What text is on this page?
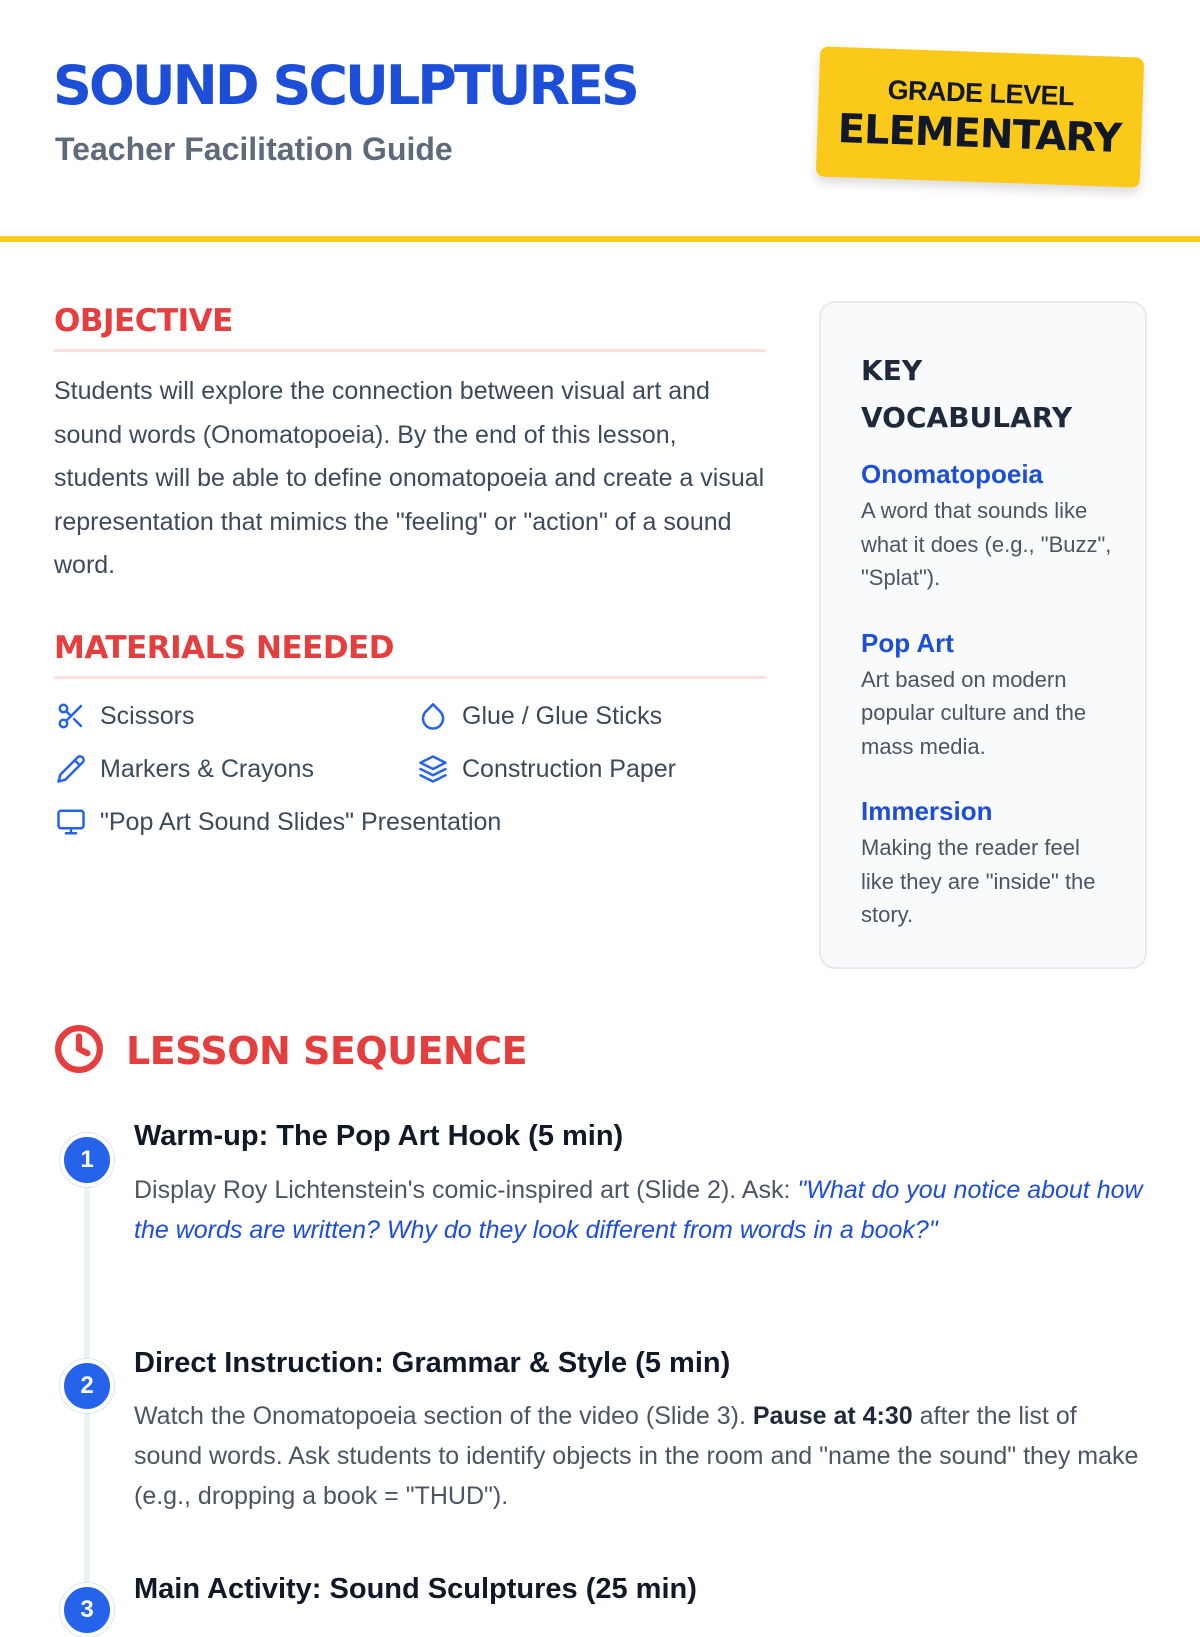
SOUND SCULPTURES
Teacher Facilitation Guide
GRADE LEVEL
ELEMENTARY
OBJECTIVE
Students will explore the connection between visual art and sound words (Onomatopoeia). By the end of this lesson, students will be able to define onomatopoeia and create a visual representation that mimics the "feeling" or "action" of a sound word.
MATERIALS NEEDED
Scissors	Glue / Glue Sticks
Markers & Crayons	Construction Paper
"Pop Art Sound Slides" Presentation
KEY VOCABULARY
Onomatopoeia
A word that sounds like what it does (e.g., "Buzz", "Splat").
Pop Art
Art based on modern popular culture and the mass media.
Immersion
Making the reader feel like they are "inside" the story.
LESSON SEQUENCE
1
Warm-up: The Pop Art Hook (5 min)
Display Roy Lichtenstein's comic-inspired art (Slide 2). Ask: "What do you notice about how the words are written? Why do they look different from words in a book?"
2
Direct Instruction: Grammar & Style (5 min)
Watch the Onomatopoeia section of the video (Slide 3). Pause at 4:30 after the list of sound words. Ask students to identify objects in the room and "name the sound" they make (e.g., dropping a book = "THUD").
3
Main Activity: Sound Sculptures (25 min)
